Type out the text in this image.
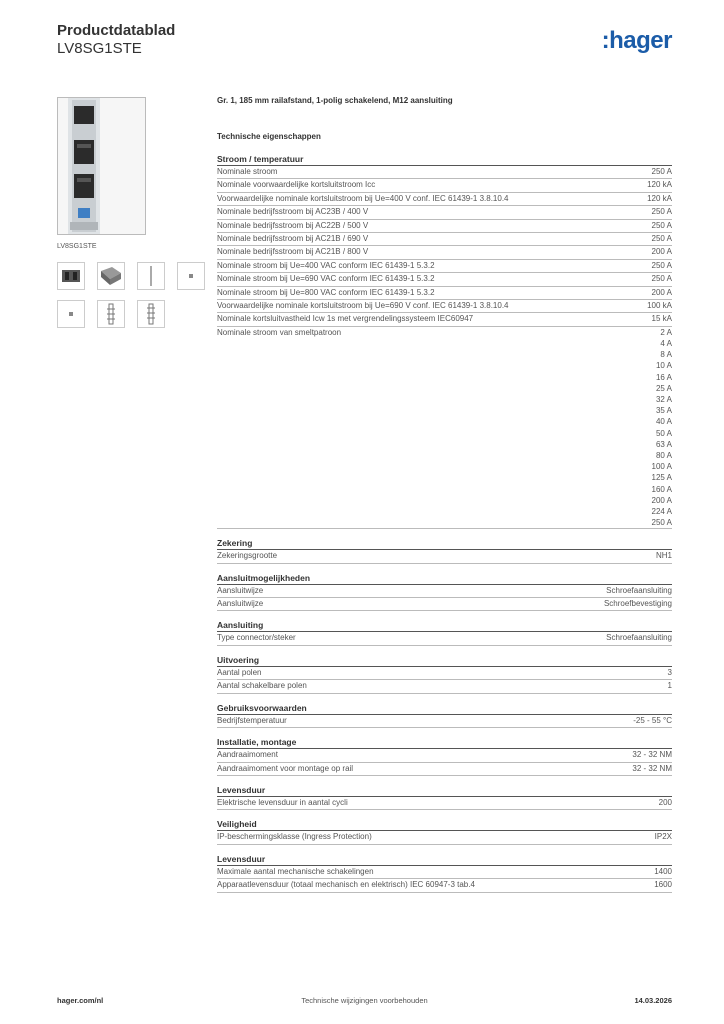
Productdatablad
LV8SG1STE	:hager
LV8SG1STE
Gr. 1, 185 mm railafstand, 1-polig schakelend, M12 aansluiting
Technische eigenschappen
Stroom / temperatuur
Nominale stroom	250 A
Nominale voorwaardelijke kortsluitstroom Icc	120 kA
Voorwaardelijke nominale kortsluitstroom bij Ue=400 V conf. IEC 61439-1 3.8.10.4	120 kA
Nominale bedrijfsstroom bij AC23B / 400 V	250 A
Nominale bedrijfsstroom bij AC22B / 500 V	250 A
Nominale bedrijfsstroom bij AC21B / 690 V	250 A
Nominale bedrijfsstroom bij AC21B / 800 V	200 A
Nominale stroom bij Ue=400 VAC conform IEC 61439-1 5.3.2	250 A
Nominale stroom bij Ue=690 VAC conform IEC 61439-1 5.3.2	250 A
Nominale stroom bij Ue=800 VAC conform IEC 61439-1 5.3.2	200 A
Voorwaardelijke nominale kortsluitstroom bij Ue=690 V conf. IEC 61439-1 3.8.10.4	100 kA
Nominale kortsluitvastheid Icw 1s met vergrendelingssysteem IEC60947	15 kA
Nominale stroom van smeltpatroon	2 A
4 A
8 A
10 A
16 A
25 A
32 A
35 A
40 A
50 A
63 A
80 A
100 A
125 A
160 A
200 A
224 A
250 A
Zekering
Zekeringsgrootte	NH1
Aansluitmogelijkheden
Aansluitwijze	Schroefaansluiting
Aansluitwijze	Schroefbevestiging
Aansluiting
Type connector/steker	Schroefaansluiting
Uitvoering
Aantal polen	3
Aantal schakelbare polen	1
Gebruiksvoorwaarden
Bedrijfstemperatuur	-25 - 55 °C
Installatie, montage
Aandraaimoment	32 - 32 NM
Aandraaimoment voor montage op rail	32 - 32 NM
Levensduur
Elektrische levensduur in aantal cycli	200
Veiligheid
IP-beschermingsklasse (Ingress Protection)	IP2X
Levensduur
Maximale aantal mechanische schakelingen	1400
Apparaatlevensduur (totaal mechanisch en elektrisch) IEC 60947-3 tab.4	1600
hager.com/nl	Technische wijzigingen voorbehouden	14.03.2026
